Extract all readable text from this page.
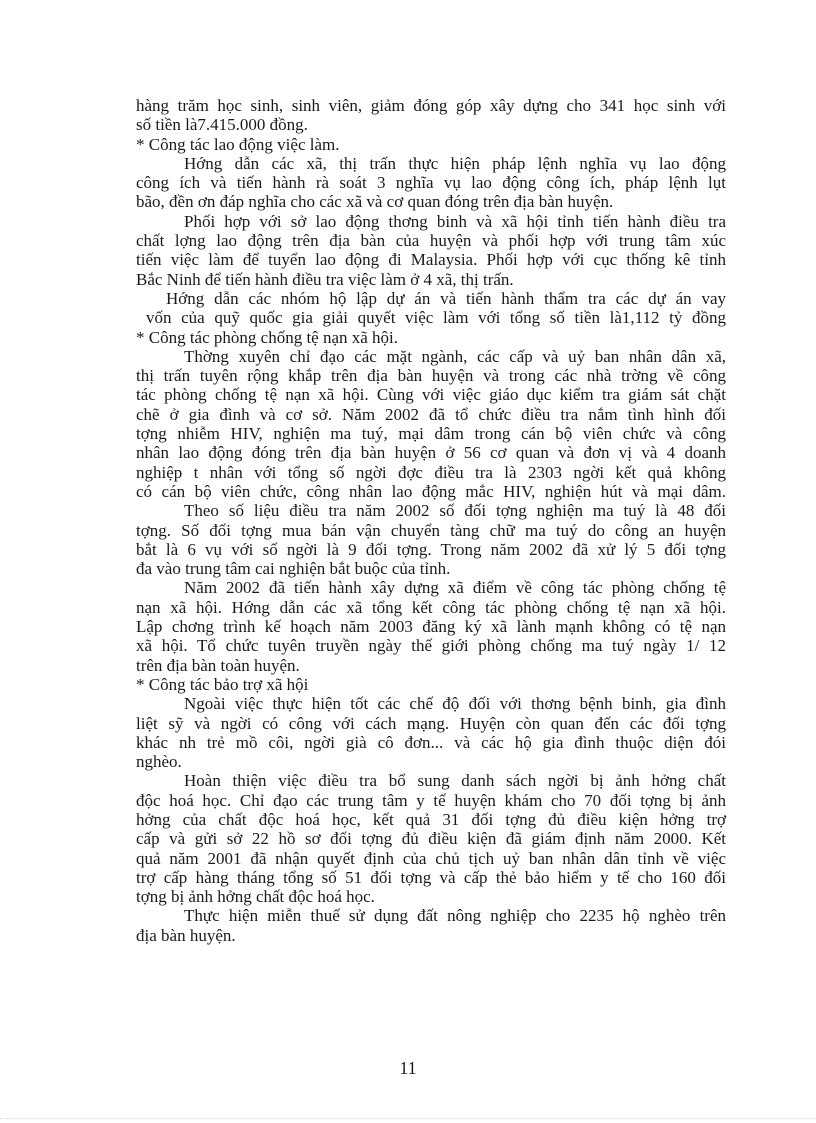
hàng trăm học sinh, sinh viên, giảm đóng góp xây dựng cho 341 học sinh với
số tiền là7.415.000 đồng.
* Công tác lao động việc làm.
Hớng dẫn các xã, thị trấn thực hiện pháp lệnh nghĩa vụ lao động
công ích và tiến hành rà soát 3 nghĩa vụ lao động công ích, pháp lệnh lụt
bão, đền ơn đáp nghĩa cho các xã và cơ quan đóng trên địa bàn huyện.
Phối hợp với sở lao động thơng binh và xã hội tỉnh tiến hành điều tra
chất lợng lao động trên địa bàn của huyện và phối hợp với trung tâm xúc
tiến việc làm để tuyển lao động đi Malaysia. Phối hợp với cục thống kê tỉnh
Bắc Ninh để tiến hành điều tra việc làm ở 4 xã, thị trấn.
Hớng dẫn các nhóm hộ lập dự án và tiến hành thẩm tra các dự án vay
vốn của quỹ quốc gia giải quyết việc làm với tổng số tiền là1,112 tỷ đồng
* Công tác phòng chống tệ nạn xã hội.
Thờng xuyên chỉ đạo các mặt ngành, các cấp và uỷ ban nhân dân xã,
thị trấn tuyên rộng khắp trên địa bàn huyện và trong các nhà trờng về công
tác phòng chống tệ nạn xã hội. Cùng với việc giáo dục kiểm tra giám sát chặt
chẽ ở gia đình và cơ sở. Năm 2002 đã tổ chức điều tra nắm tình hình đối
tợng nhiễm HIV, nghiện ma tuý, mại dâm trong cán bộ viên chức và công
nhân lao động đóng trên địa bàn huyện ở 56 cơ quan và đơn vị và 4 doanh
nghiệp t nhân với tổng số ngời đợc điều tra là 2303 ngời kết quả không
có cán bộ viên chức, công nhân lao động mắc HIV, nghiện hút và mại dâm.
Theo số liệu điều tra năm 2002 số đối tợng nghiện ma tuý là 48 đối
tợng. Số đối tợng mua bán vận chuyển tàng chữ ma tuý do công an huyện
bắt là 6 vụ với số ngời là 9 đối tợng. Trong năm 2002 đã xử lý 5 đối tợng
đa vào trung tâm cai nghiện bắt buộc của tỉnh.
Năm 2002 đã tiến hành xây dựng xã điểm về công tác phòng chống tệ
nạn xã hội. Hớng dẫn các xã tổng kết công tác phòng chống tệ nạn xã hội.
Lập chơng trình kế hoạch năm 2003 đăng ký xã lành mạnh không có tệ nạn
xã hội. Tổ chức tuyên truyền ngày thế giới phòng chống ma tuý ngày 1/ 12
trên địa bàn toàn huyện.
* Công tác bảo trợ xã hội
Ngoài việc thực hiện tốt các chế độ đối với thơng bệnh binh, gia đình
liệt sỹ và ngời có công với cách mạng. Huyện còn quan đến các đối tợng
khác nh trẻ mồ côi, ngời già cô đơn... và các hộ gia đình thuộc diện đói
nghèo.
Hoàn thiện việc điều tra bổ sung danh sách ngời bị ảnh hởng chất
độc hoá học. Chỉ đạo các trung tâm y tế huyện khám cho 70 đối tợng bị ảnh
hởng của chất độc hoá học, kết quả 31 đối tợng đủ điều kiện hởng trợ
cấp và gửi sở 22 hồ sơ đối tợng đủ điều kiện đã giám định năm 2000. Kết
quả năm 2001 đã nhận quyết định của chủ tịch uỷ ban nhân dân tỉnh về việc
trợ cấp hàng tháng tổng số 51 đối tợng và cấp thẻ bảo hiểm y tế cho 160 đối
tợng bị ảnh hởng chất độc hoá học.
Thực hiện miễn thuế sử dụng đất nông nghiệp cho 2235 hộ nghèo trên
địa bàn huyện.
11
